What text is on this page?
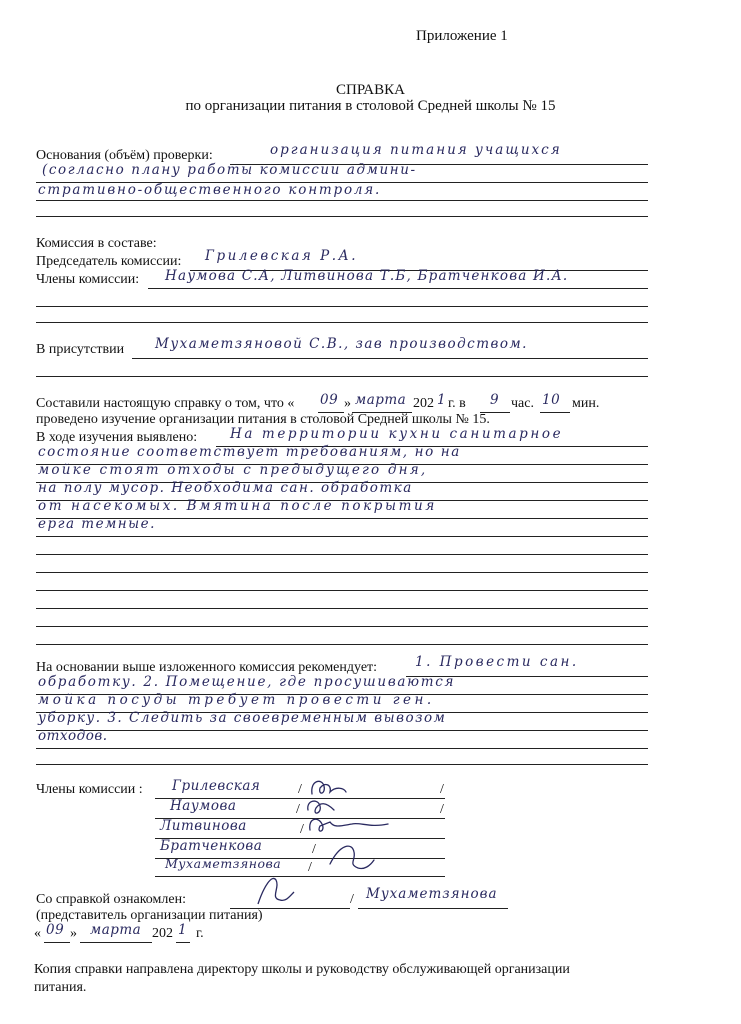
Приложение 1
СПРАВКА
по организации питания в столовой Средней школы № 15
Основания (объём) проверки:	организация питания учащихся
(согласно плану работы комиссии админи-
стративно-общественного контроля.
Комиссия в составе:
Председатель комиссии: Грилевская Р.А.
Члены комиссии: Наумова С.А, Литвинова Т.Б, Братченкова И.А.
В присутствии Мухаметзяновой С.В., зав производством.
Составили настоящую справку о том, что « 09 » марта 202 1 г. в 9 час. 10 мин.
проведено изучение организации питания в столовой Средней школы № 15.
В ходе изучения выявлено: На территории кухни санитарное
состояние соответствует требованиям, но на
мойке стоят отходы с предыдущего дня,
на полу мусор. Необходима сан. обработка
от насекомых. Вмятина после покрытия
ерга темные.
На основании выше изложенного комиссия рекомендует:	1. Провести сан.
обработку. 2. Помещение, где просушиваются
мойка посуды требует провести ген.
уборку. 3. Следить за своевременным вывозом
отходов.
Члены комиссии : Грилевская	/	/
Наумова	/	/
Литвинова	/
Братченкова	/
Мухаметзянова /
Со справкой ознакомлен:	/ Мухаметзянова
(представитель организации питания)
« 09 » марта 202 1 г.
Копия справки направлена директору школы и руководству обслуживающей организации
питания.
